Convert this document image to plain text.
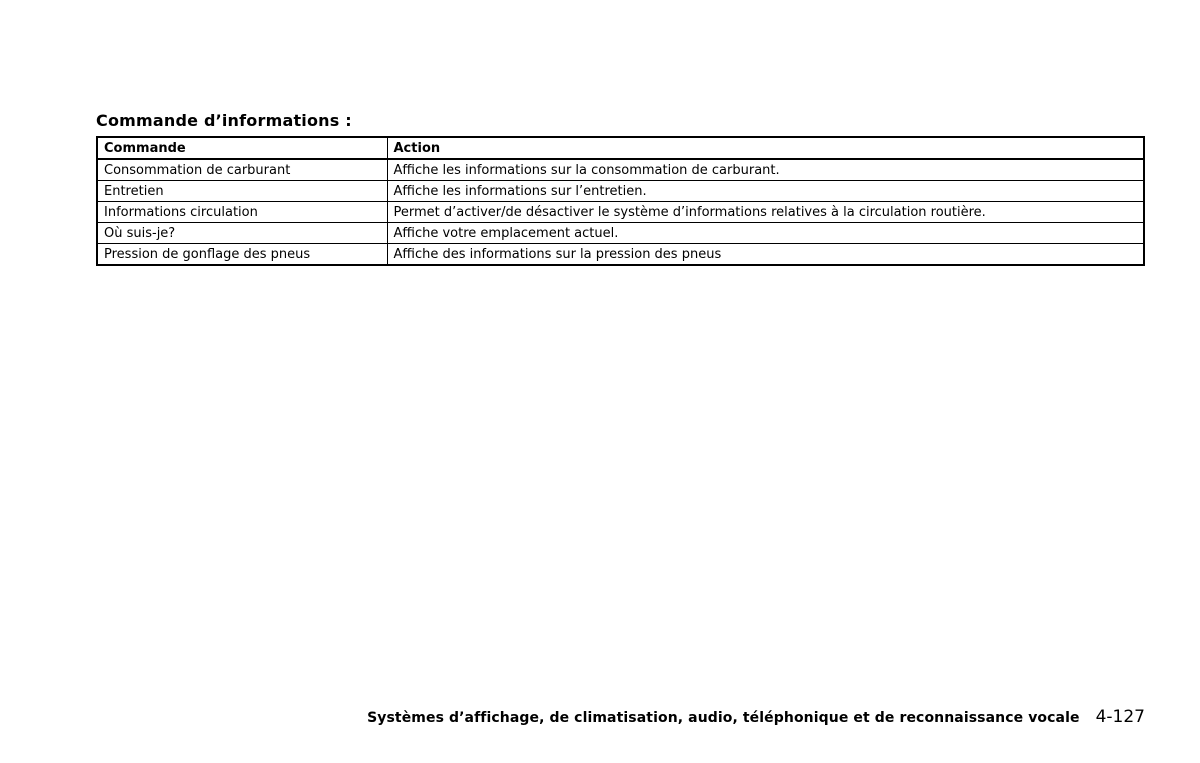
Commande d’informations :
Commande	Action
Consommation de carburant	Affiche les informations sur la consommation de carburant.
Entretien	Affiche les informations sur l’entretien.
Informations circulation	Permet d’activer/de désactiver le système d’informations relatives à la circulation routière.
Où suis-je?	Affiche votre emplacement actuel.
Pression de gonflage des pneus	Affiche des informations sur la pression des pneus
Systèmes d’affichage, de climatisation, audio, téléphonique et de reconnaissance vocale 4-127
